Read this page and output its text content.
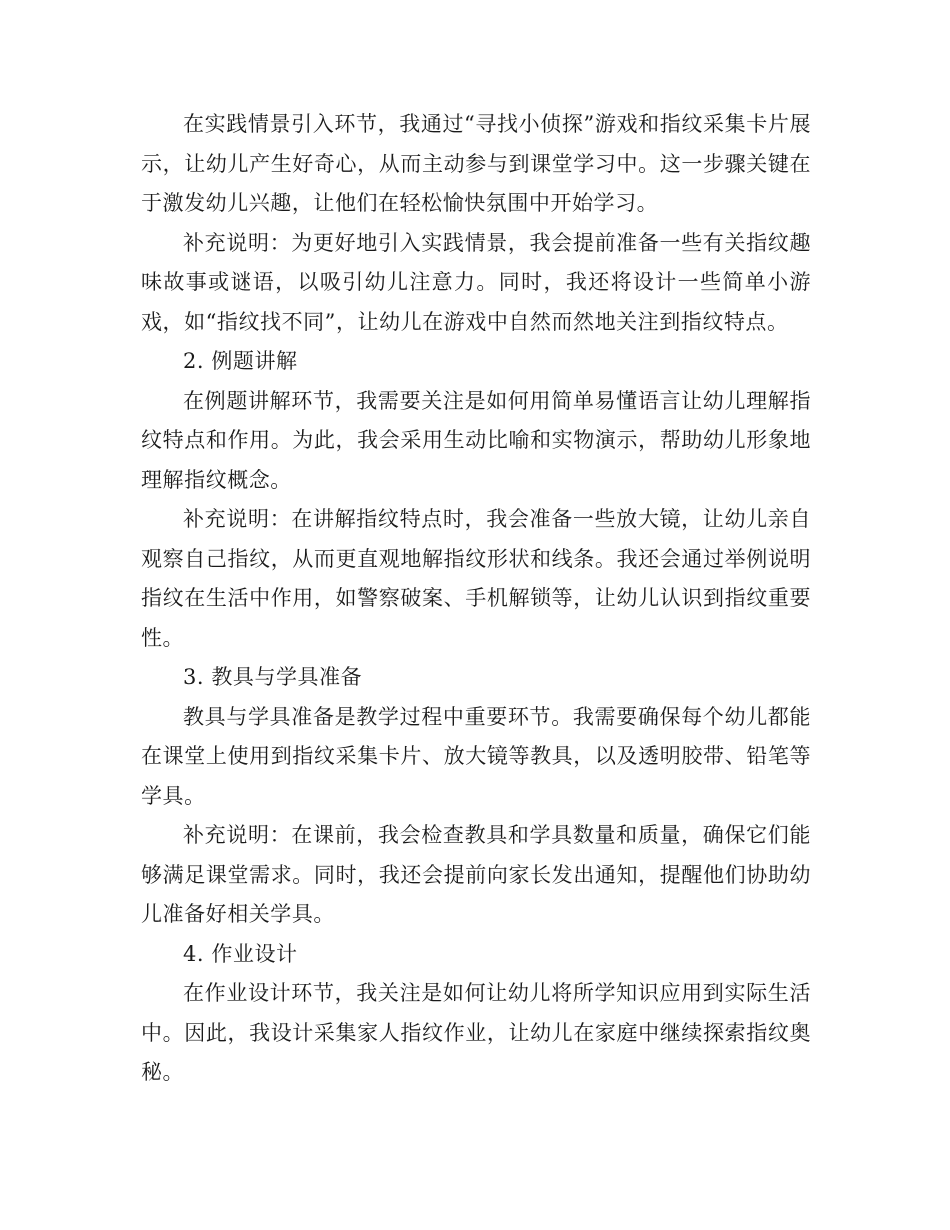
在实践情景引入环节，我通过“寻找小侦探”游戏和指纹采集卡片展示，让幼儿产生好奇心，从而主动参与到课堂学习中。这一步骤关键在于激发幼儿兴趣，让他们在轻松愉快氛围中开始学习。

补充说明：为更好地引入实践情景，我会提前准备一些有关指纹趣味故事或谜语，以吸引幼儿注意力。同时，我还将设计一些简单小游戏，如“指纹找不同”，让幼儿在游戏中自然而然地关注到指纹特点。

2. 例题讲解

在例题讲解环节，我需要关注是如何用简单易懂语言让幼儿理解指纹特点和作用。为此，我会采用生动比喻和实物演示，帮助幼儿形象地理解指纹概念。

补充说明：在讲解指纹特点时，我会准备一些放大镜，让幼儿亲自观察自己指纹，从而更直观地解指纹形状和线条。我还会通过举例说明指纹在生活中作用，如警察破案、手机解锁等，让幼儿认识到指纹重要性。

3. 教具与学具准备

教具与学具准备是教学过程中重要环节。我需要确保每个幼儿都能在课堂上使用到指纹采集卡片、放大镜等教具，以及透明胶带、铅笔等学具。

补充说明：在课前，我会检查教具和学具数量和质量，确保它们能够满足课堂需求。同时，我还会提前向家长发出通知，提醒他们协助幼儿准备好相关学具。

4. 作业设计

在作业设计环节，我关注是如何让幼儿将所学知识应用到实际生活中。因此，我设计采集家人指纹作业，让幼儿在家庭中继续探索指纹奥秘。
